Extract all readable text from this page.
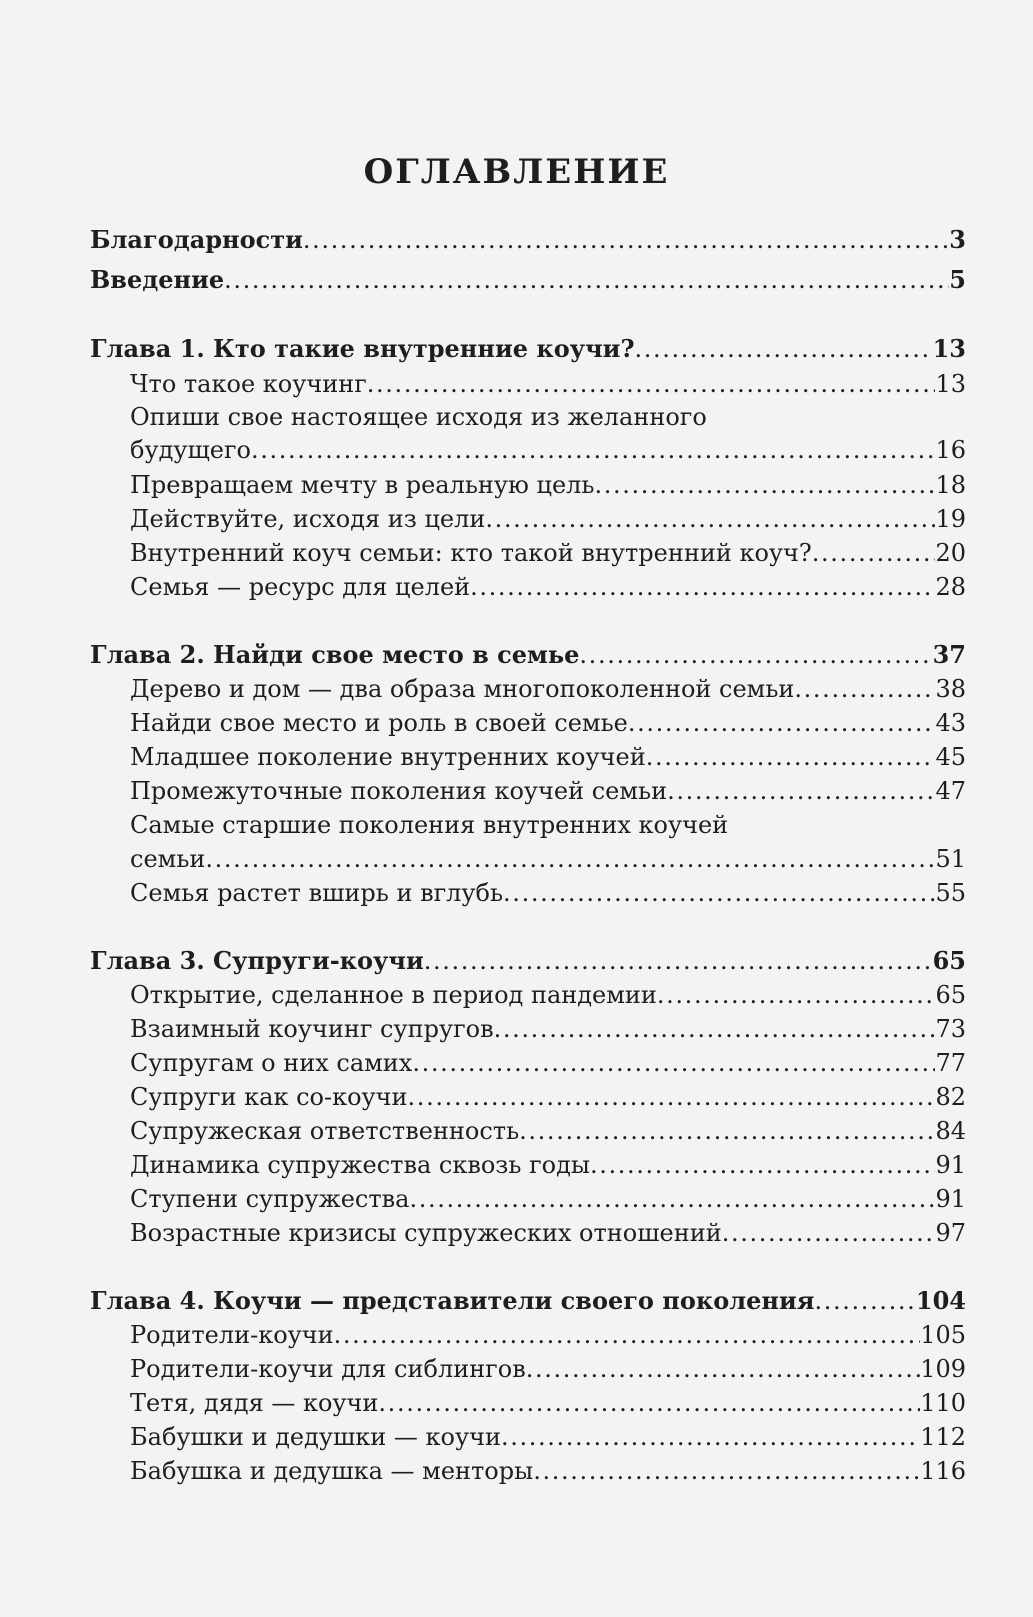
ОГЛАВЛЕНИЕ
Благодарности . . .	3
Введение . . .	5
Глава 1. Кто такие внутренние коучи? . . .	13
Что такое коучинг . . .	13
Опиши свое настоящее исходя из желанного
будущего . . .	16
Превращаем мечту в реальную цель . . .	18
Действуйте, исходя из цели . . .	19
Внутренний коуч семьи: кто такой внутренний коуч? . . .	20
Семья — ресурс для целей . . .	28
Глава 2. Найди свое место в семье . . .	37
Дерево и дом — два образа многопоколенной семьи . . .	38
Найди свое место и роль в своей семье . . .	43
Младшее поколение внутренних коучей . . .	45
Промежуточные поколения коучей семьи . . .	47
Самые старшие поколения внутренних коучей
семьи . . .	51
Семья растет вширь и вглубь . . .	55
Глава 3. Супруги-коучи . . .	65
Открытие, сделанное в период пандемии . . .	65
Взаимный коучинг супругов . . .	73
Супругам о них самих . . .	77
Супруги как со-коучи . . .	82
Супружеская ответственность . . .	84
Динамика супружества сквозь годы . . .	91
Ступени супружества . . .	91
Возрастные кризисы супружеских отношений . . .	97
Глава 4. Коучи — представители своего поколения . . .	104
Родители-коучи . . .	105
Родители-коучи для сиблингов . . .	109
Тетя, дядя — коучи . . .	110
Бабушки и дедушки — коучи . . .	112
Бабушка и дедушка — менторы . . .	116
